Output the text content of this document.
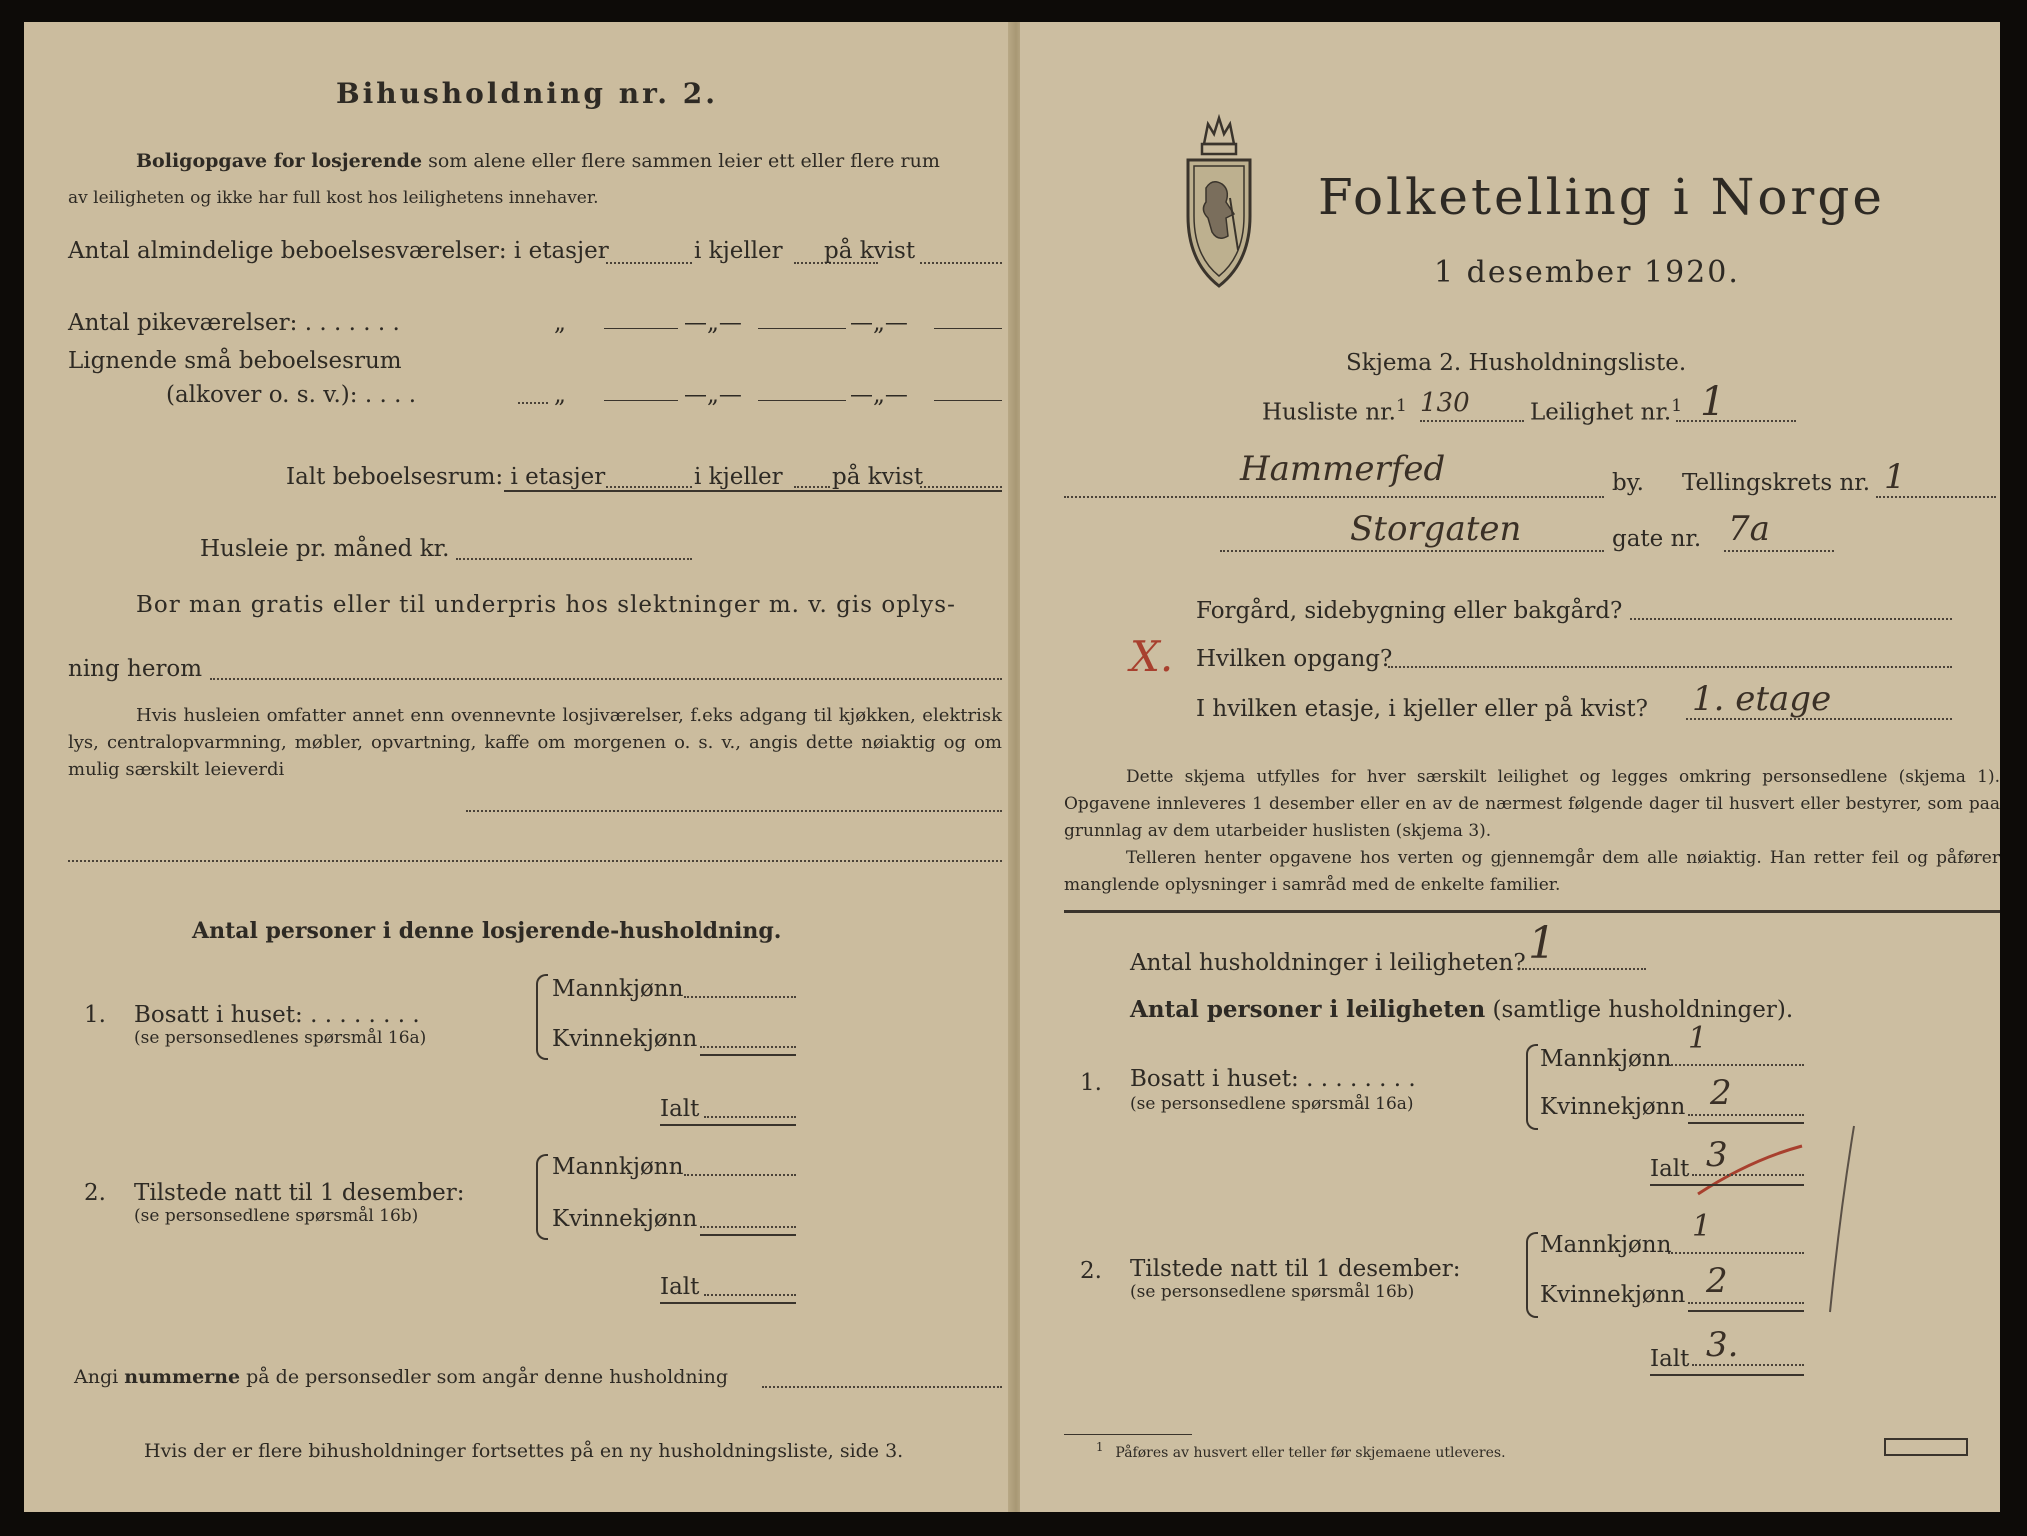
Bihusholdning nr. 2.
Boligopgave for losjerende som alene eller flere sammen leier ett eller flere rum
av leiligheten og ikke har full kost hos leilighetens innehaver.
Antal almindelige beboelsesværelser: i etasjer	i kjeller på kvist
Antal pikeværelser: . . . . . . .	„	—„—	—„—
Lignende små beboelsesrum
(alkover o. s. v.): . . . .	„	—„—	—„—
Ialt beboelsesrum: i etasjer	i kjeller på kvist
Husleie pr. måned kr.
Bor man gratis eller til underpris hos slektninger m. v. gis oplys-
ning herom
Hvis husleien omfatter annet enn ovennevnte losjiværelser, f.eks adgang til kjøkken, elektrisk lys, centralopvarmning, møbler, opvartning, kaffe om morgenen o. s. v., angis dette nøiaktig og om mulig særskilt leieverdi
Antal personer i denne losjerende-husholdning.
1. Bosatt i huset: . . . . . . . .
(se personsedlenes spørsmål 16a)
Mannkjønn
Kvinnekjønn
Ialt
2. Tilstede natt til 1 desember:
(se personsedlene spørsmål 16b)
Mannkjønn
Kvinnekjønn
Ialt
Angi nummerne på de personsedler som angår denne husholdning
Hvis der er flere bihusholdninger fortsettes på en ny husholdningsliste, side 3.
Folketelling i Norge
1 desember 1920.
Skjema 2. Husholdningsliste.
Husliste nr.$^1$ 130	Leilighet nr.$^1$ 1
Hammerfed	by. Tellingskrets nr. 1
Storgaten	gate nr. 7a
Forgård, sidebygning eller bakgård?
X. Hvilken opgang?
I hvilken etasje, i kjeller eller på kvist? 1. etage
Dette skjema utfylles for hver særskilt leilighet og legges omkring personsedlene (skjema 1). Opgavene innleveres 1 desember eller en av de nærmest følgende dager til husvert eller bestyrer, som paa grunnlag av dem utarbeider huslisten (skjema 3).
Telleren henter opgavene hos verten og gjennemgår dem alle nøiaktig. Han retter feil og påfører manglende oplysninger i samråd med de enkelte familier.
Antal husholdninger i leiligheten? 1
Antal personer i leiligheten (samtlige husholdninger).
1. Bosatt i huset: . . . . . . . .
(se personsedlene spørsmål 16a)
Mannkjønn
1
Kvinnekjønn 2
Ialt 3
2. Tilstede natt til 1 desember:
(se personsedlene spørsmål 16b)
Mannkjønn
1
Kvinnekjønn 2
Ialt 3.
$^1$ Påføres av husvert eller teller før skjemaene utleveres.
